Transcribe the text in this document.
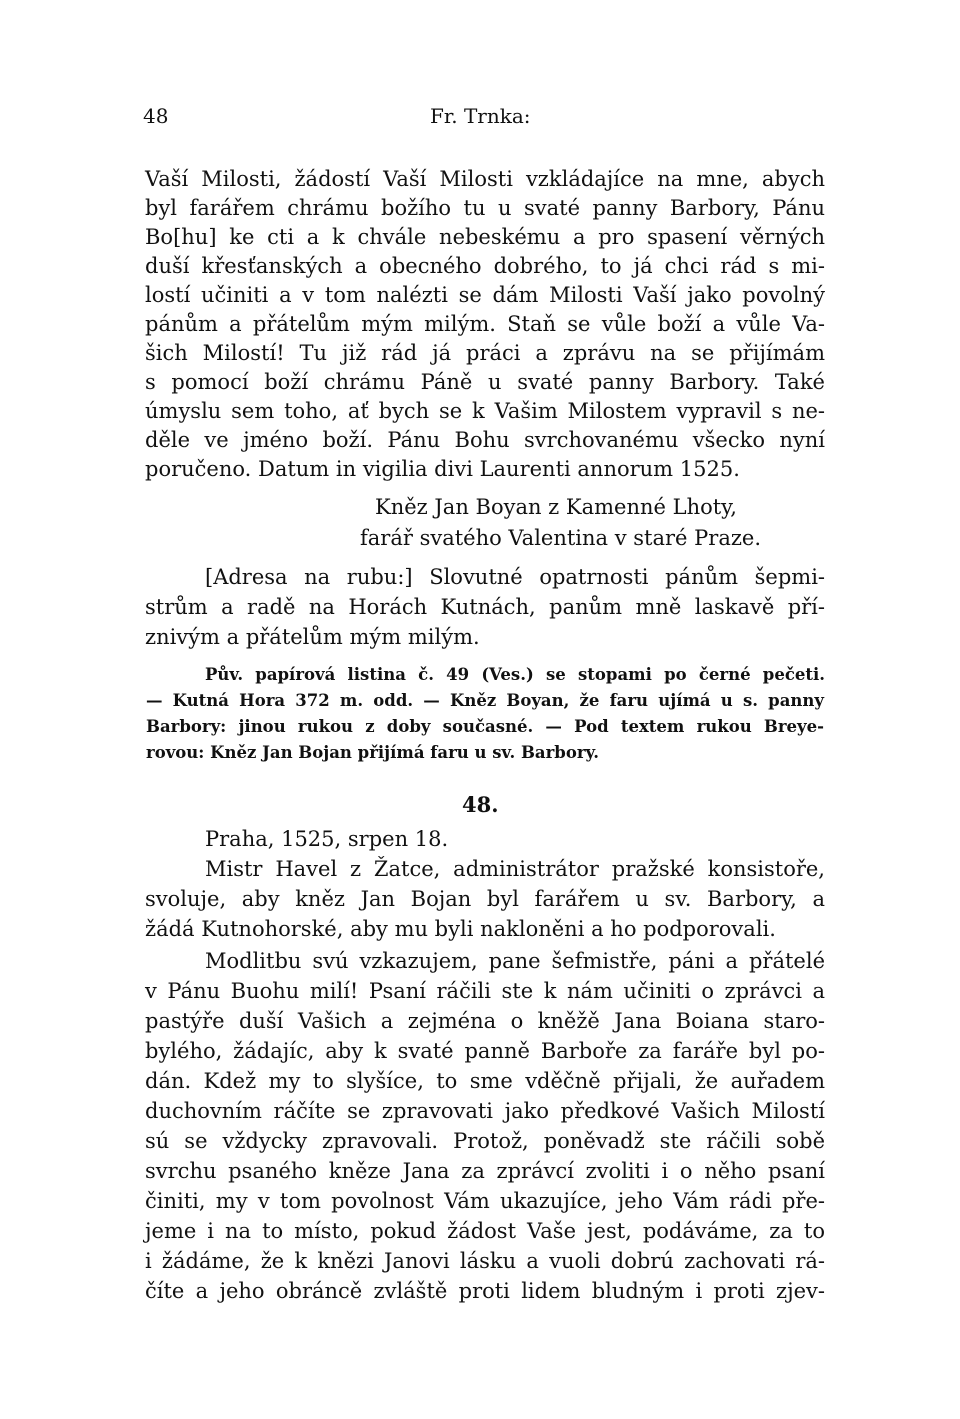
48	Fr. Trnka:
Vaší Milosti, žádostí Vaší Milosti vzkládajíce na mne, abych
byl farářem chrámu božího tu u svaté panny Barbory, Pánu
Bo[hu] ke cti a k chvále nebeskému a pro spasení věrných
duší křesťanských a obecného dobrého, to já chci rád s mi-
lostí učiniti a v tom nalézti se dám Milosti Vaší jako povolný
pánům a přátelům mým milým. Staň se vůle boží a vůle Va-
šich Milostí! Tu již rád já práci a zprávu na se přijímám
s pomocí boží chrámu Páně u svaté panny Barbory. Také
úmyslu sem toho, ať bych se k Vašim Milostem vypravil s ne-
děle ve jméno boží. Pánu Bohu svrchovanému všecko nyní
poručeno. Datum in vigilia divi Laurenti annorum 1525.
Kněz Jan Boyan z Kamenné Lhoty,
farář svatého Valentina v staré Praze.
[Adresa na rubu:] Slovutné opatrnosti pánům šepmi-
strům a radě na Horách Kutnách, panům mně laskavě pří-
znivým a přátelům mým milým.
Pův. papírová listina č. 49 (Ves.) se stopami po černé pečeti.
— Kutná Hora 372 m. odd. — Kněz Boyan, že faru ujímá u s. panny
Barbory: jinou rukou z doby současné. — Pod textem rukou Breye-
rovou: Kněz Jan Bojan přijímá faru u sv. Barbory.
48.
Praha, 1525, srpen 18.
Mistr Havel z Žatce, administrátor pražské konsistoře,
svoluje, aby kněz Jan Bojan byl farářem u sv. Barbory, a
žádá Kutnohorské, aby mu byli nakloněni a ho podporovali.
Modlitbu svú vzkazujem, pane šefmistře, páni a přátelé
v Pánu Buohu milí! Psaní ráčili ste k nám učiniti o zprávci a
pastýře duší Vašich a zejména o kněžě Jana Boiana staro-
bylého, žádajíc, aby k svaté panně Barboře za faráře byl po-
dán. Kdež my to slyšíce, to sme vděčně přijali, že auřadem
duchovním ráčíte se zpravovati jako předkové Vašich Milostí
sú se vždycky zpravovali. Protož, poněvadž ste ráčili sobě
svrchu psaného kněze Jana za zprávcí zvoliti i o něho psaní
činiti, my v tom povolnost Vám ukazujíce, jeho Vám rádi pře-
jeme i na to místo, pokud žádost Vaše jest, podáváme, za to
i žádáme, že k knězi Janovi lásku a vuoli dobrú zachovati rá-
číte a jeho obráncě zvláště proti lidem bludným i proti zjev-
